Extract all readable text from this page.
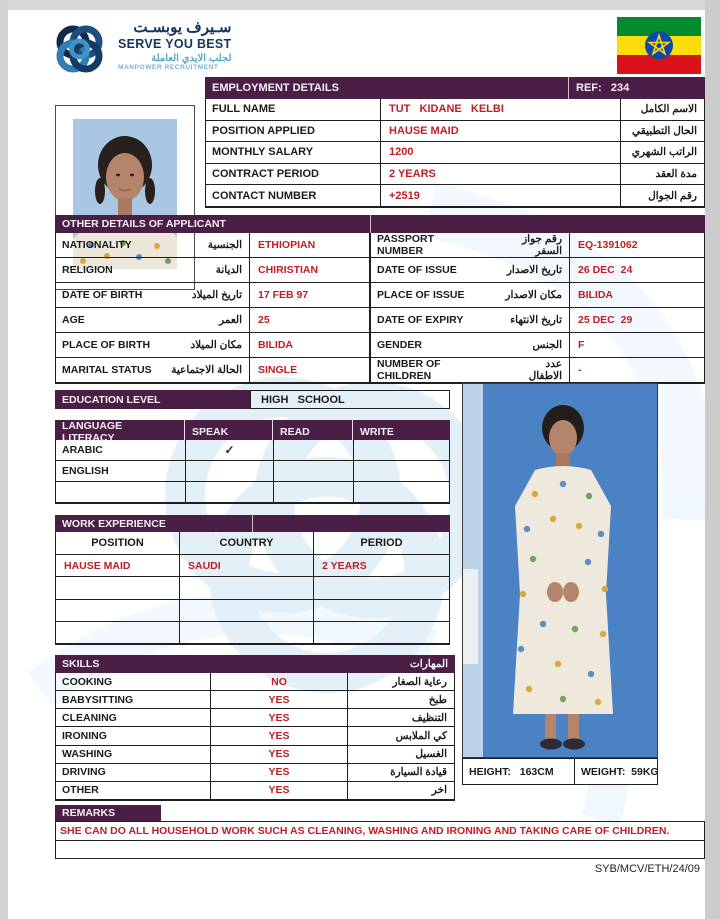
سـيرف يوبسـت
SERVE YOU BEST
لجلب الايدي العاملة
MANPOWER RECRUITMENT
EMPLOYMENT DETAILS	REF:   234
FULL NAME	TUT   KIDANE   KELBI	الاسم الكامل
POSITION APPLIED	HAUSE MAID	الحال التطبيقي
MONTHLY SALARY	1200	الراتب الشهري
CONTRACT PERIOD	2 YEARS	مدة العقد
CONTACT NUMBER	+2519	رقم الجوال
OTHER DETAILS OF APPLICANT
NATIONALITY	الجنسية	ETHIOPIAN
RELIGION	الديانة	CHIRISTIAN
DATE OF BIRTH	تاريخ الميلاد	17 FEB 97
AGE	العمر	25
PLACE OF BIRTH	مكان الميلاد	BILIDA
MARITAL STATUS	الحالة الاجتماعية	SINGLE
PASSPORT NUMBER
رقم جواز السفر	EQ-1391062
DATE OF ISSUE	تاريخ الاصدار	26 DEC  24
PLACE OF ISSUE	مكان الاصدار	BILIDA
DATE OF EXPIRY	تاريخ الانتهاء	25 DEC  29
GENDER	الجنس	F
NUMBER OF CHILDREN
عدد الاطفال	-
EDUCATION LEVEL	HIGH   SCHOOL
LANGUAGE LITERACY	SPEAK	READ	WRITE
ARABIC	✓
ENGLISH
WORK EXPERIENCE
POSITION	COUNTRY	PERIOD
HAUSE MAID	SAUDI	2 YEARS
HEIGHT:   163CM	WEIGHT:  59KG
SKILLS	المهارات
COOKING	NO	رعاية الصغار
BABYSITTING	YES	طبخ
CLEANING	YES	التنظيف
IRONING	YES	كي الملابس
WASHING	YES	الغسيل
DRIVING	YES	قيادة السيارة
OTHER	YES	اخر
REMARKS
SHE CAN DO ALL HOUSEHOLD WORK SUCH AS CLEANING, WASHING AND IRONING AND TAKING CARE OF CHILDREN.
SYB/MCV/ETH/24/09
